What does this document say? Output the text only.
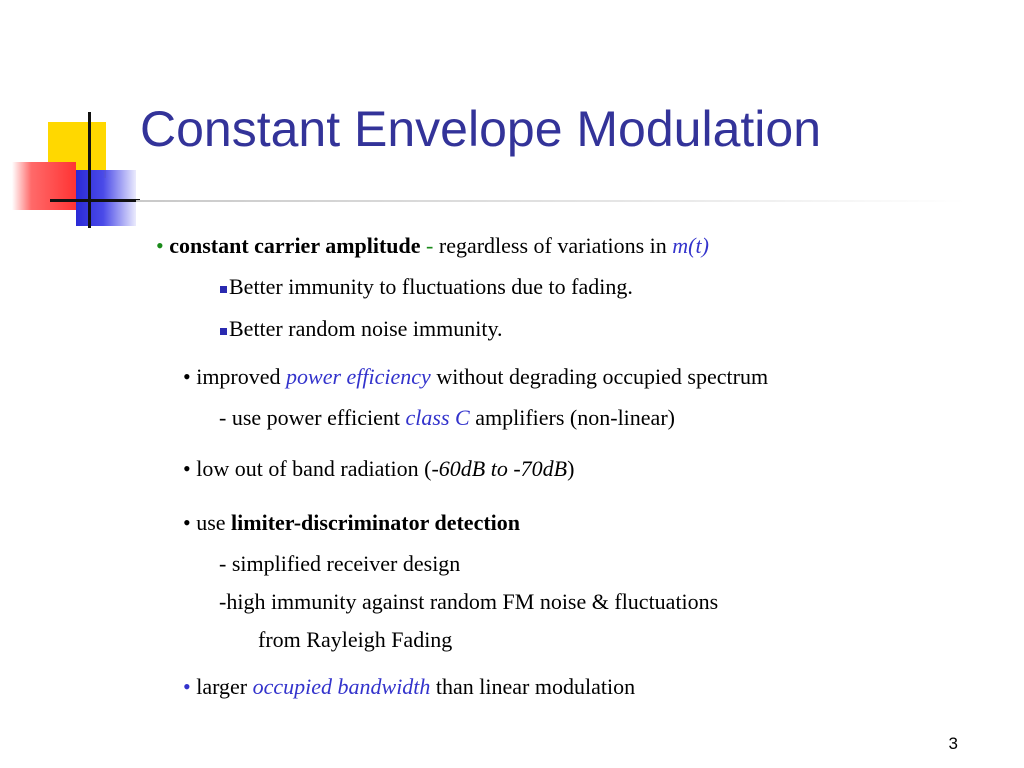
Constant Envelope Modulation
• constant carrier amplitude - regardless of variations in m(t)
Better immunity to fluctuations due to fading.
Better random noise immunity.
• improved power efficiency without degrading occupied spectrum
- use power efficient class C amplifiers (non-linear)
• low out of band radiation (-60dB to -70dB)
• use limiter-discriminator detection
- simplified receiver design
-high immunity against random FM noise & fluctuations
from Rayleigh Fading
• larger occupied bandwidth than linear modulation
3
